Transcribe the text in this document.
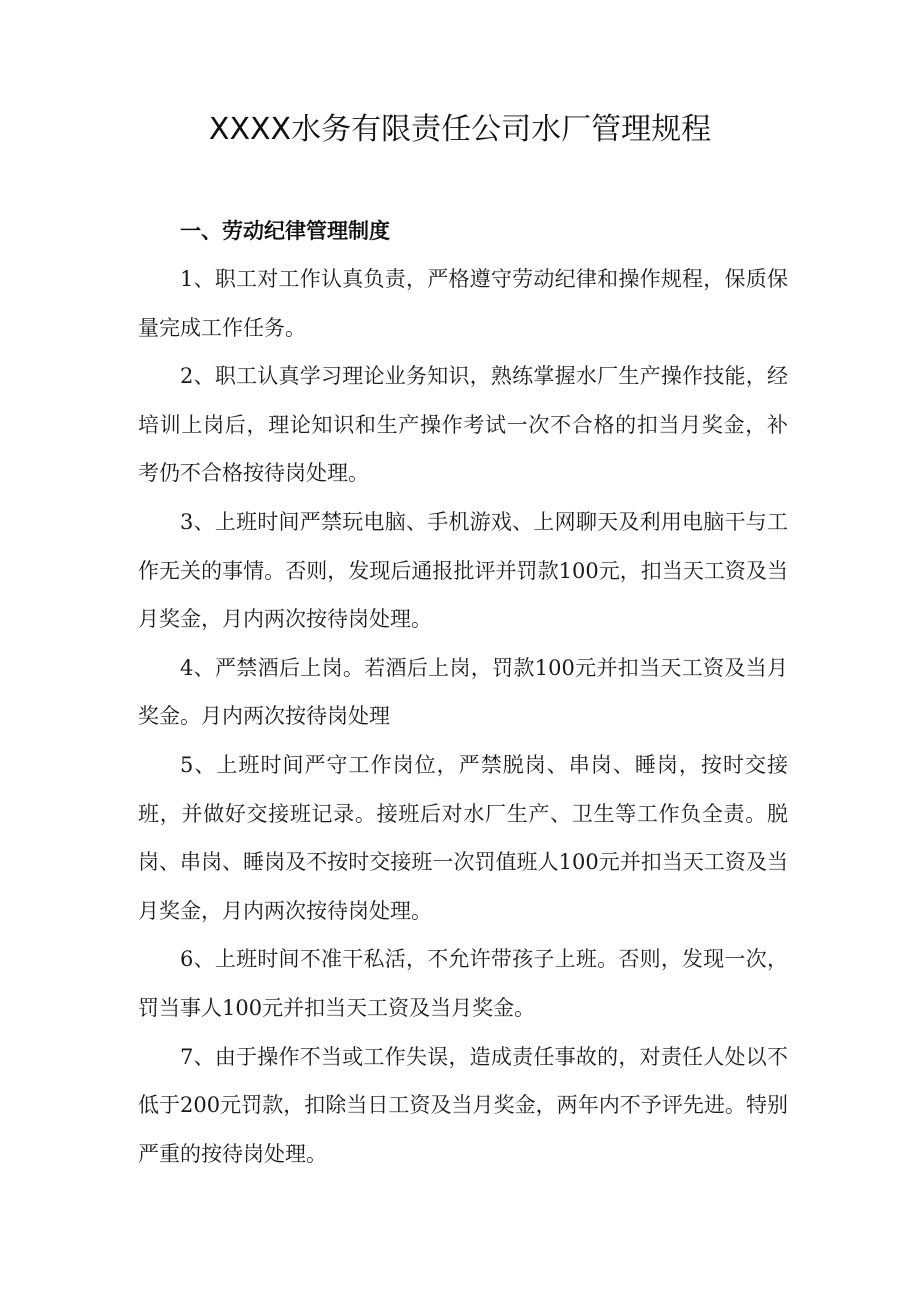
XXXX水务有限责任公司水厂管理规程

一、劳动纪律管理制度

1、职工对工作认真负责，严格遵守劳动纪律和操作规程，保质保量完成工作任务。

2、职工认真学习理论业务知识，熟练掌握水厂生产操作技能，经培训上岗后，理论知识和生产操作考试一次不合格的扣当月奖金，补考仍不合格按待岗处理。

3、上班时间严禁玩电脑、手机游戏、上网聊天及利用电脑干与工作无关的事情。否则，发现后通报批评并罚款100元，扣当天工资及当月奖金，月内两次按待岗处理。

4、严禁酒后上岗。若酒后上岗，罚款100元并扣当天工资及当月奖金。月内两次按待岗处理

5、上班时间严守工作岗位，严禁脱岗、串岗、睡岗，按时交接班，并做好交接班记录。接班后对水厂生产、卫生等工作负全责。脱岗、串岗、睡岗及不按时交接班一次罚值班人100元并扣当天工资及当月奖金，月内两次按待岗处理。

6、上班时间不准干私活，不允许带孩子上班。否则，发现一次，罚当事人100元并扣当天工资及当月奖金。

7、由于操作不当或工作失误，造成责任事故的，对责任人处以不低于200元罚款，扣除当日工资及当月奖金，两年内不予评先进。特别严重的按待岗处理。
